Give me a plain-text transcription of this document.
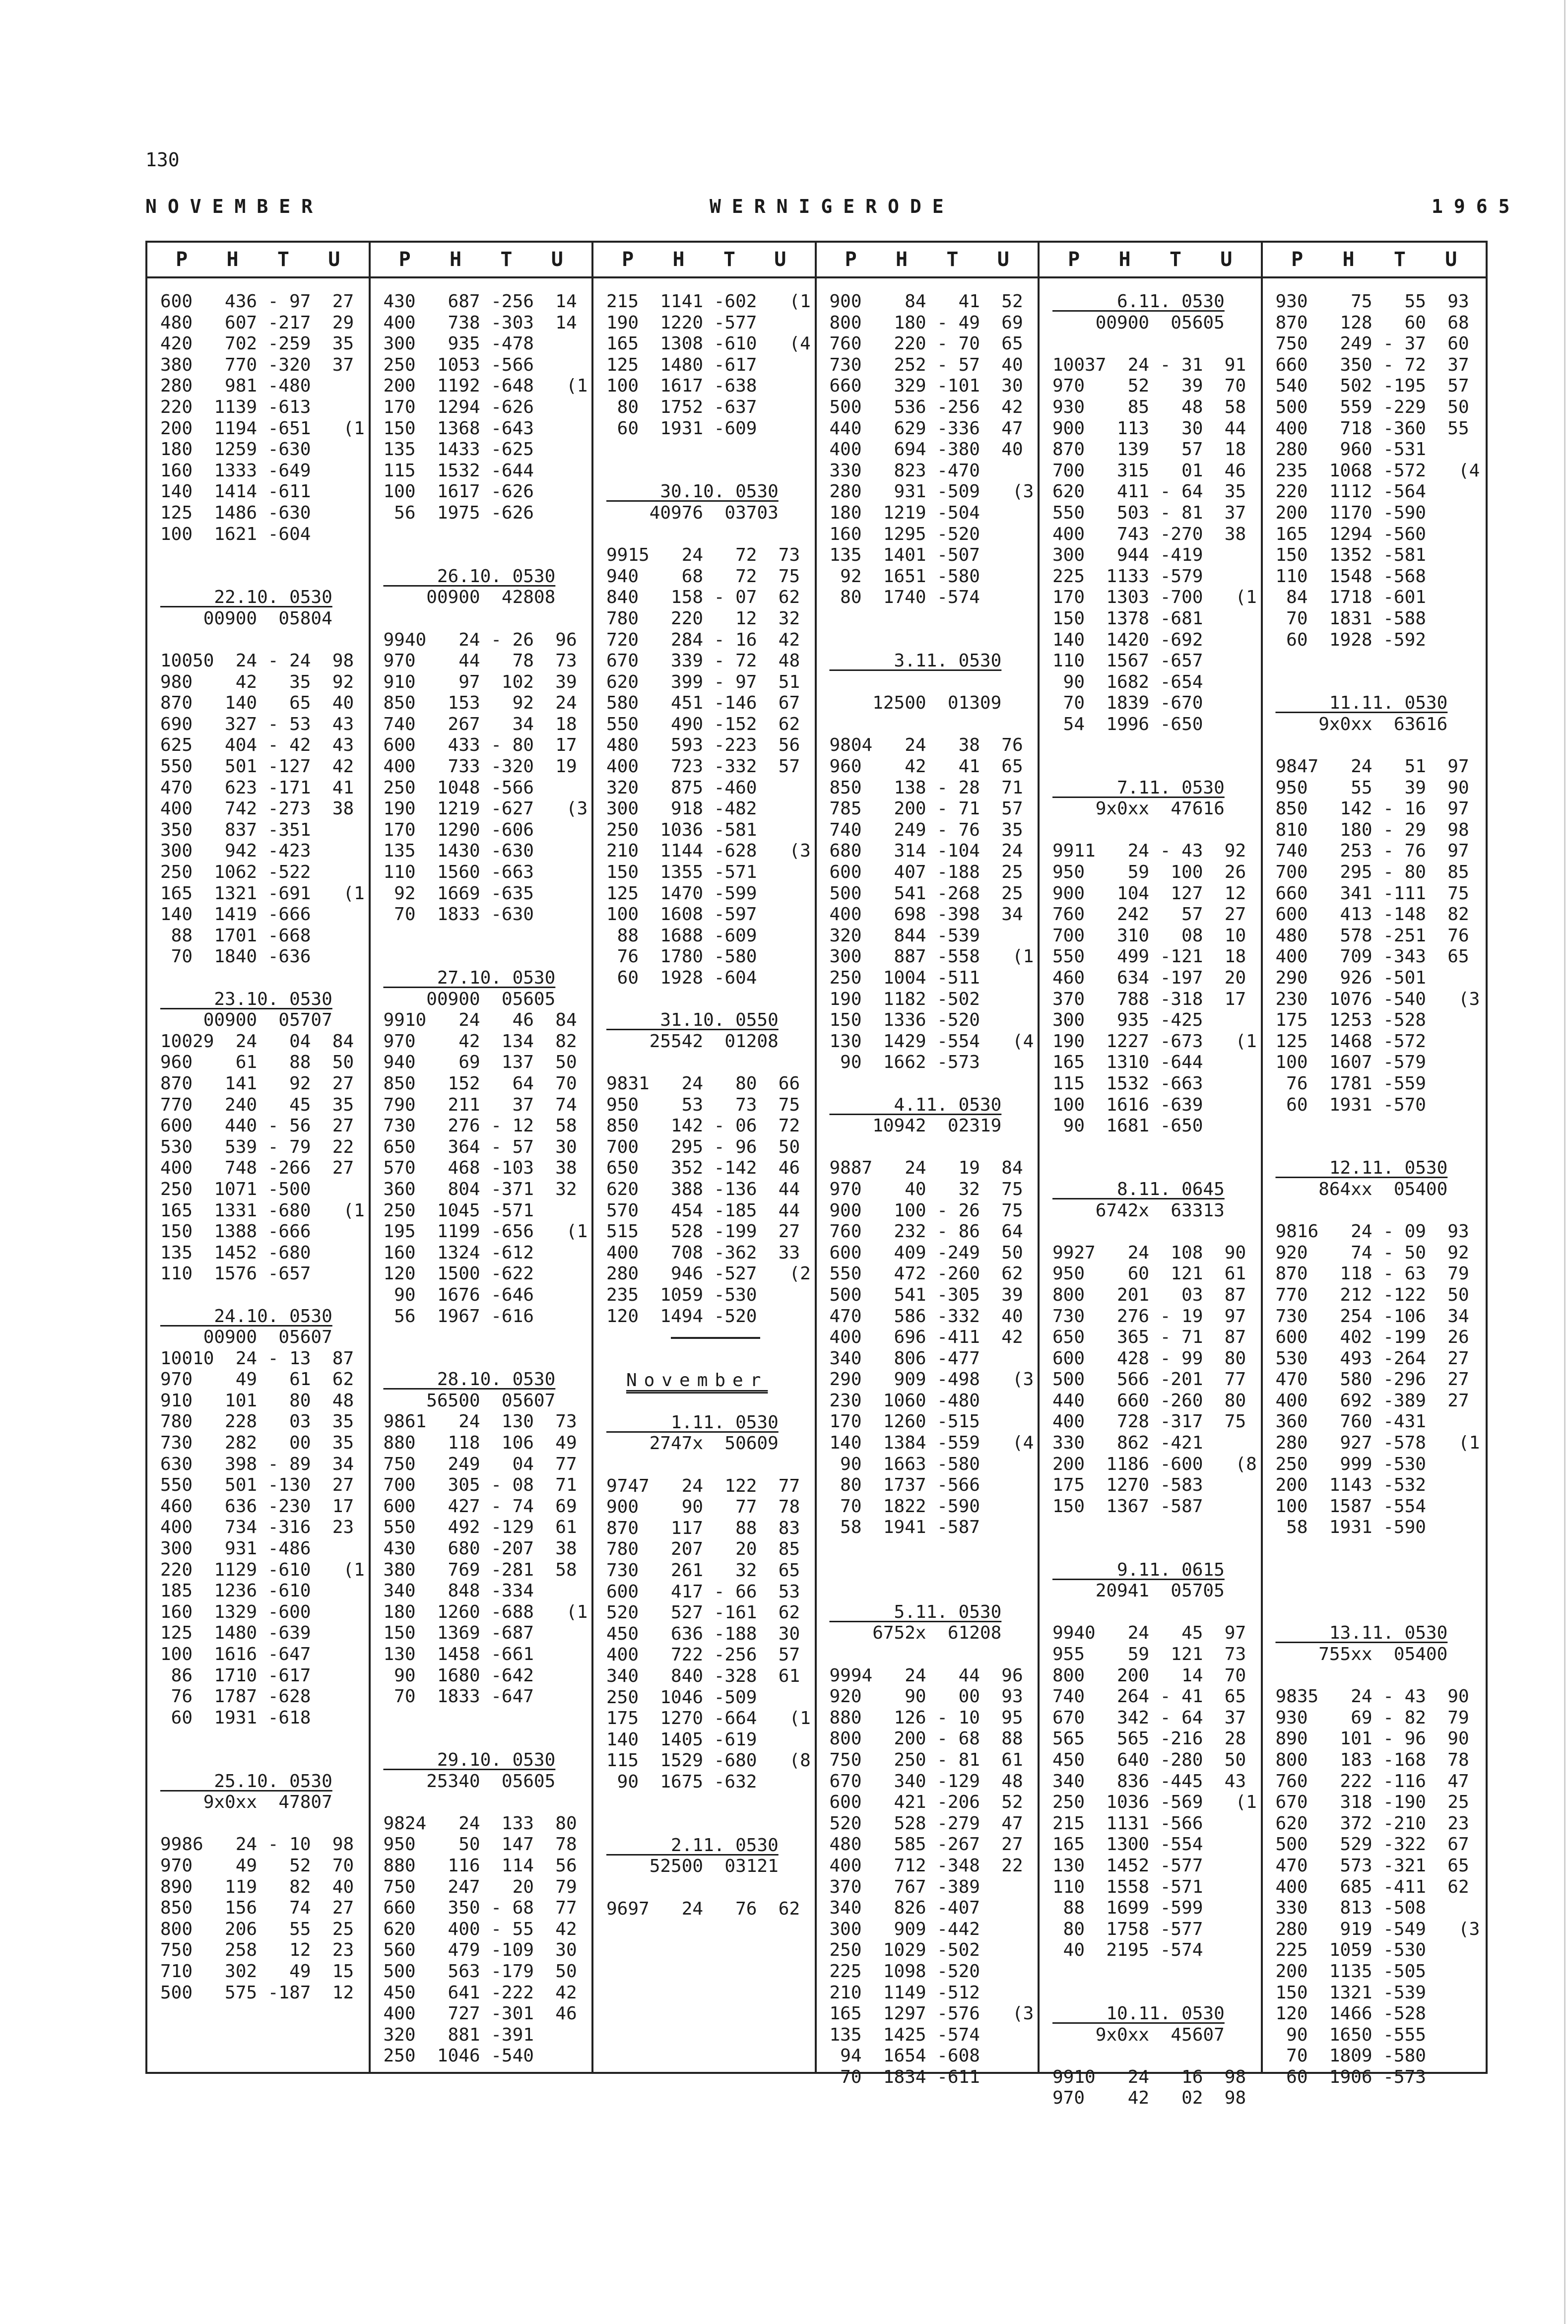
130
NOVEMBER	WERNIGERODE	1965
P H T U
600   436 - 97  27
480   607 -217  29
420   702 -259  35
380   770 -320  37
280   981 -480
220  1139 -613
200  1194 -651   (1
180  1259 -630
160  1333 -649
140  1414 -611
125  1486 -630
100  1621 -604
22.10. 0530
00900  05804
10050  24 - 24  98
980    42   35  92
870   140   65  40
690   327 - 53  43
625   404 - 42  43
550   501 -127  42
470   623 -171  41
400   742 -273  38
350   837 -351
300   942 -423
250  1062 -522
165  1321 -691   (1
140  1419 -666
88  1701 -668
70  1840 -636
23.10. 0530
00900  05707
10029  24   04  84
960    61   88  50
870   141   92  27
770   240   45  35
600   440 - 56  27
530   539 - 79  22
400   748 -266  27
250  1071 -500
165  1331 -680   (1
150  1388 -666
135  1452 -680
110  1576 -657
24.10. 0530
00900  05607
10010  24 - 13  87
970    49   61  62
910   101   80  48
780   228   03  35
730   282   00  35
630   398 - 89  34
550   501 -130  27
460   636 -230  17
400   734 -316  23
300   931 -486
220  1129 -610   (1
185  1236 -610
160  1329 -600
125  1480 -639
100  1616 -647
86  1710 -617
76  1787 -628
60  1931 -618
25.10. 0530
9x0xx  47807
9986   24 - 10  98
970    49   52  70
890   119   82  40
850   156   74  27
800   206   55  25
750   258   12  23
710   302   49  15
500   575 -187  12
P H T U
430   687 -256  14
400   738 -303  14
300   935 -478
250  1053 -566
200  1192 -648   (1
170  1294 -626
150  1368 -643
135  1433 -625
115  1532 -644
100  1617 -626
56  1975 -626
26.10. 0530
00900  42808
9940   24 - 26  96
970    44   78  73
910    97  102  39
850   153   92  24
740   267   34  18
600   433 - 80  17
400   733 -320  19
250  1048 -566
190  1219 -627   (3
170  1290 -606
135  1430 -630
110  1560 -663
92  1669 -635
70  1833 -630
27.10. 0530
00900  05605
9910   24   46  84
970    42  134  82
940    69  137  50
850   152   64  70
790   211   37  74
730   276 - 12  58
650   364 - 57  30
570   468 -103  38
360   804 -371  32
250  1045 -571
195  1199 -656   (1
160  1324 -612
120  1500 -622
90  1676 -646
56  1967 -616
28.10. 0530
56500  05607
9861   24  130  73
880   118  106  49
750   249   04  77
700   305 - 08  71
600   427 - 74  69
550   492 -129  61
430   680 -207  38
380   769 -281  58
340   848 -334
180  1260 -688   (1
150  1369 -687
130  1458 -661
90  1680 -642
70  1833 -647
29.10. 0530
25340  05605
9824   24  133  80
950    50  147  78
880   116  114  56
750   247   20  79
660   350 - 68  77
620   400 - 55  42
560   479 -109  30
500   563 -179  50
450   641 -222  42
400   727 -301  46
320   881 -391
250  1046 -540
P H T U
215  1141 -602   (1
190  1220 -577
165  1308 -610   (4
125  1480 -617
100  1617 -638
80  1752 -637
60  1931 -609
30.10. 0530
40976  03703
9915   24   72  73
940    68   72  75
840   158 - 07  62
780   220   12  32
720   284 - 16  42
670   339 - 72  48
620   399 - 97  51
580   451 -146  67
550   490 -152  62
480   593 -223  56
400   723 -332  57
320   875 -460
300   918 -482
250  1036 -581
210  1144 -628   (3
150  1355 -571
125  1470 -599
100  1608 -597
88  1688 -609
76  1780 -580
60  1928 -604
31.10. 0550
25542  01208
9831   24   80  66
950    53   73  75
850   142 - 06  72
700   295 - 96  50
650   352 -142  46
620   388 -136  44
570   454 -185  44
515   528 -199  27
400   708 -362  33
280   946 -527   (2
235  1059 -530
120  1494 -520
November
1.11. 0530
2747x  50609
9747   24  122  77
900    90   77  78
870   117   88  83
780   207   20  85
730   261   32  65
600   417 - 66  53
520   527 -161  62
450   636 -188  30
400   722 -256  57
340   840 -328  61
250  1046 -509
175  1270 -664   (1
140  1405 -619
115  1529 -680   (8
90  1675 -632
2.11. 0530
52500  03121
9697   24   76  62
P H T U
900    84   41  52
800   180 - 49  69
760   220 - 70  65
730   252 - 57  40
660   329 -101  30
500   536 -256  42
440   629 -336  47
400   694 -380  40
330   823 -470
280   931 -509   (3
180  1219 -504
160  1295 -520
135  1401 -507
92  1651 -580
80  1740 -574
3.11. 0530
12500  01309
9804   24   38  76
960    42   41  65
850   138 - 28  71
785   200 - 71  57
740   249 - 76  35
680   314 -104  24
600   407 -188  25
500   541 -268  25
400   698 -398  34
320   844 -539
300   887 -558   (1
250  1004 -511
190  1182 -502
150  1336 -520
130  1429 -554   (4
90  1662 -573
4.11. 0530
10942  02319
9887   24   19  84
970    40   32  75
900   100 - 26  75
760   232 - 86  64
600   409 -249  50
550   472 -260  62
500   541 -305  39
470   586 -332  40
400   696 -411  42
340   806 -477
290   909 -498   (3
230  1060 -480
170  1260 -515
140  1384 -559   (4
90  1663 -580
80  1737 -566
70  1822 -590
58  1941 -587
5.11. 0530
6752x  61208
9994   24   44  96
920    90   00  93
880   126 - 10  95
800   200 - 68  88
750   250 - 81  61
670   340 -129  48
600   421 -206  52
520   528 -279  47
480   585 -267  27
400   712 -348  22
370   767 -389
340   826 -407
300   909 -442
250  1029 -502
225  1098 -520
210  1149 -512
165  1297 -576   (3
135  1425 -574
94  1654 -608
70  1834 -611
P H T U
6.11. 0530
00900  05605
10037  24 - 31  91
970    52   39  70
930    85   48  58
900   113   30  44
870   139   57  18
700   315   01  46
620   411 - 64  35
550   503 - 81  37
400   743 -270  38
300   944 -419
225  1133 -579
170  1303 -700   (1
150  1378 -681
140  1420 -692
110  1567 -657
90  1682 -654
70  1839 -670
54  1996 -650
7.11. 0530
9x0xx  47616
9911   24 - 43  92
950    59  100  26
900   104  127  12
760   242   57  27
700   310   08  10
550   499 -121  18
460   634 -197  20
370   788 -318  17
300   935 -425
190  1227 -673   (1
165  1310 -644
115  1532 -663
100  1616 -639
90  1681 -650
8.11. 0645
6742x  63313
9927   24  108  90
950    60  121  61
800   201   03  87
730   276 - 19  97
650   365 - 71  87
600   428 - 99  80
500   566 -201  77
440   660 -260  80
400   728 -317  75
330   862 -421
200  1186 -600   (8
175  1270 -583
150  1367 -587
9.11. 0615
20941  05705
9940   24   45  97
955    59  121  73
800   200   14  70
740   264 - 41  65
670   342 - 64  37
565   565 -216  28
450   640 -280  50
340   836 -445  43
250  1036 -569   (1
215  1131 -566
165  1300 -554
130  1452 -577
110  1558 -571
88  1699 -599
80  1758 -577
40  2195 -574
10.11. 0530
9x0xx  45607
9910   24   16  98
970    42   02  98
P H T U
930    75   55  93
870   128   60  68
750   249 - 37  60
660   350 - 72  37
540   502 -195  57
500   559 -229  50
400   718 -360  55
280   960 -531
235  1068 -572   (4
220  1112 -564
200  1170 -590
165  1294 -560
150  1352 -581
110  1548 -568
84  1718 -601
70  1831 -588
60  1928 -592
11.11. 0530
9x0xx  63616
9847   24   51  97
950    55   39  90
850   142 - 16  97
810   180 - 29  98
740   253 - 76  97
700   295 - 80  85
660   341 -111  75
600   413 -148  82
480   578 -251  76
400   709 -343  65
290   926 -501
230  1076 -540   (3
175  1253 -528
125  1468 -572
100  1607 -579
76  1781 -559
60  1931 -570
12.11. 0530
864xx  05400
9816   24 - 09  93
920    74 - 50  92
870   118 - 63  79
770   212 -122  50
730   254 -106  34
600   402 -199  26
530   493 -264  27
470   580 -296  27
400   692 -389  27
360   760 -431
280   927 -578   (1
250   999 -530
200  1143 -532
100  1587 -554
58  1931 -590
13.11. 0530
755xx  05400
9835   24 - 43  90
930    69 - 82  79
890   101 - 96  90
800   183 -168  78
760   222 -116  47
670   318 -190  25
620   372 -210  23
500   529 -322  67
470   573 -321  65
400   685 -411  62
330   813 -508
280   919 -549   (3
225  1059 -530
200  1135 -505
150  1321 -539
120  1466 -528
90  1650 -555
70  1809 -580
60  1906 -573
